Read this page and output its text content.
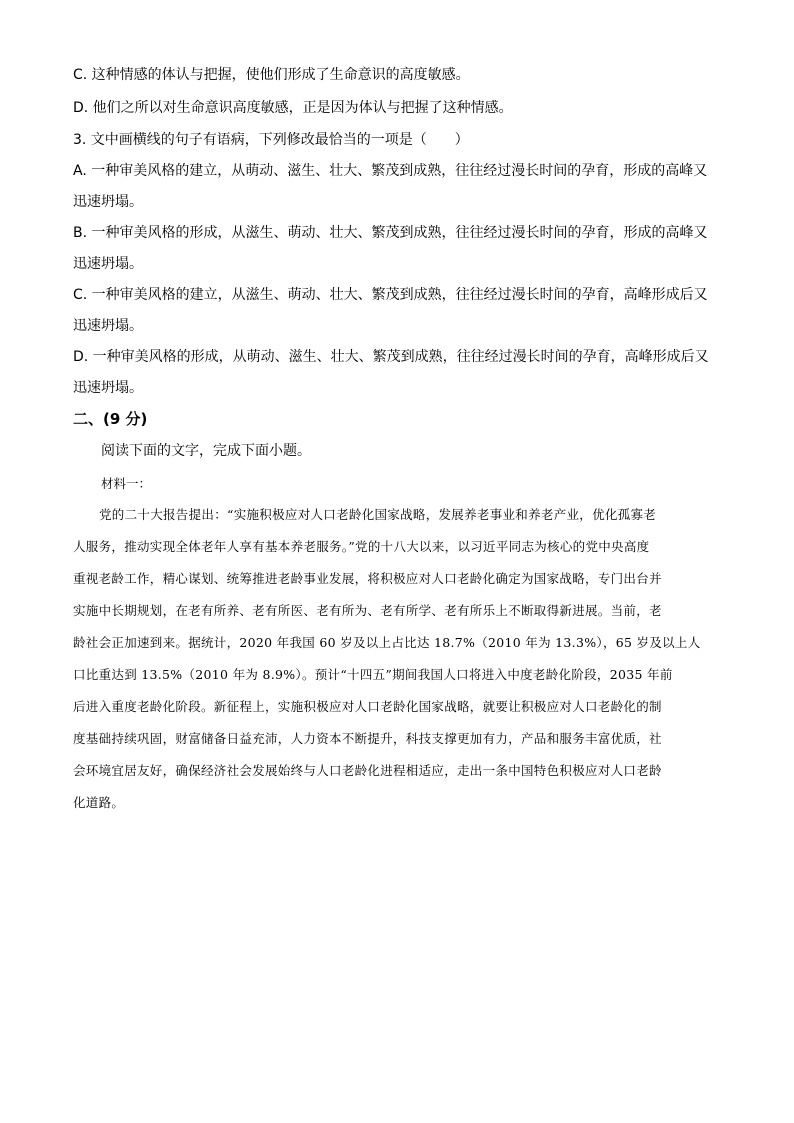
C. 这种情感的体认与把握，使他们形成了生命意识的高度敏感。
D. 他们之所以对生命意识高度敏感，正是因为体认与把握了这种情感。
3. 文中画横线的句子有语病，下列修改最恰当的一项是（　　）
A. 一种审美风格的建立，从萌动、滋生、壮大、繁茂到成熟，往往经过漫长时间的孕育，形成的高峰又
迅速坍塌。
B. 一种审美风格的形成，从滋生、萌动、壮大、繁茂到成熟，往往经过漫长时间的孕育，形成的高峰又
迅速坍塌。
C. 一种审美风格的建立，从滋生、萌动、壮大、繁茂到成熟，往往经过漫长时间的孕育，高峰形成后又
迅速坍塌。
D. 一种审美风格的形成，从萌动、滋生、壮大、繁茂到成熟，往往经过漫长时间的孕育，高峰形成后又
迅速坍塌。
二、(9 分)
阅读下面的文字，完成下面小题。
材料一：
党的二十大报告提出：“实施积极应对人口老龄化国家战略，发展养老事业和养老产业，优化孤寡老
人服务，推动实现全体老年人享有基本养老服务。”党的十八大以来，以习近平同志为核心的党中央高度
重视老龄工作，精心谋划、统筹推进老龄事业发展，将积极应对人口老龄化确定为国家战略，专门出台并
实施中长期规划，在老有所养、老有所医、老有所为、老有所学、老有所乐上不断取得新进展。当前，老
龄社会正加速到来。据统计，2020 年我国 60 岁及以上占比达 18.7%（2010 年为 13.3%），65 岁及以上人
口比重达到 13.5%（2010 年为 8.9%）。预计“十四五”期间我国人口将进入中度老龄化阶段，2035 年前
后进入重度老龄化阶段。新征程上，实施积极应对人口老龄化国家战略，就要让积极应对人口老龄化的制
度基础持续巩固，财富储备日益充沛，人力资本不断提升，科技支撑更加有力，产品和服务丰富优质，社
会环境宜居友好，确保经济社会发展始终与人口老龄化进程相适应，走出一条中国特色积极应对人口老龄
化道路。
